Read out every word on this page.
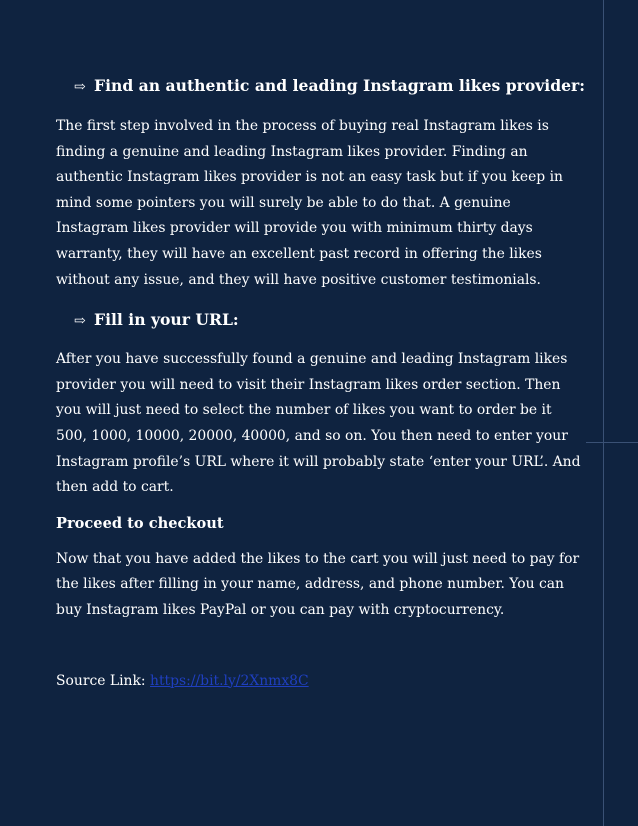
⇨ Find an authentic and leading Instagram likes provider:

The first step involved in the process of buying real Instagram likes is finding a genuine and leading Instagram likes provider. Finding an authentic Instagram likes provider is not an easy task but if you keep in mind some pointers you will surely be able to do that. A genuine Instagram likes provider will provide you with minimum thirty days warranty, they will have an excellent past record in offering the likes without any issue, and they will have positive customer testimonials.

⇨ Fill in your URL:

After you have successfully found a genuine and leading Instagram likes provider you will need to visit their Instagram likes order section. Then you will just need to select the number of likes you want to order be it 500, 1000, 10000, 20000, 40000, and so on. You then need to enter your Instagram profile’s URL where it will probably state ‘enter your URL’. And then add to cart.

Proceed to checkout

Now that you have added the likes to the cart you will just need to pay for the likes after filling in your name, address, and phone number. You can buy Instagram likes PayPal or you can pay with cryptocurrency.

Source Link: https://bit.ly/2Xnmx8C
